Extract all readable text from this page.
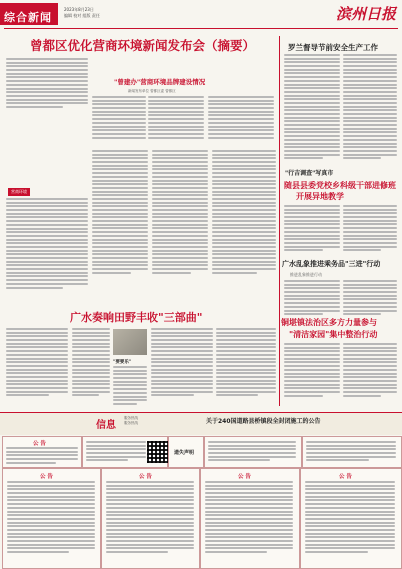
综合新闻
2023年8月23日
编辑 校对 组版 责任	滨州日报
曾都区优化营商环境新闻发布会（摘要）
"曾建办"营商环境品牌建设情况
新闻发布单位 曾都区委 曾都区
营商环境
罗兰督导节前安全生产工作
"行吉调查"写真市
随县县委党校乡科级干部进修班
开展异地教学
广水乱象推进乘务品"三进"行动
推进乱象推进行动
铜堪镇法治区多方力量参与
"清洁家园"集中整治行动
广水奏响田野丰收"三部曲"
"要要乐"
信息
服务热线
服务热线	关于240国道路县桥镇段全封闭施工的公告
公 告
遗失声明
公 告	公 告	公 告	公 告
